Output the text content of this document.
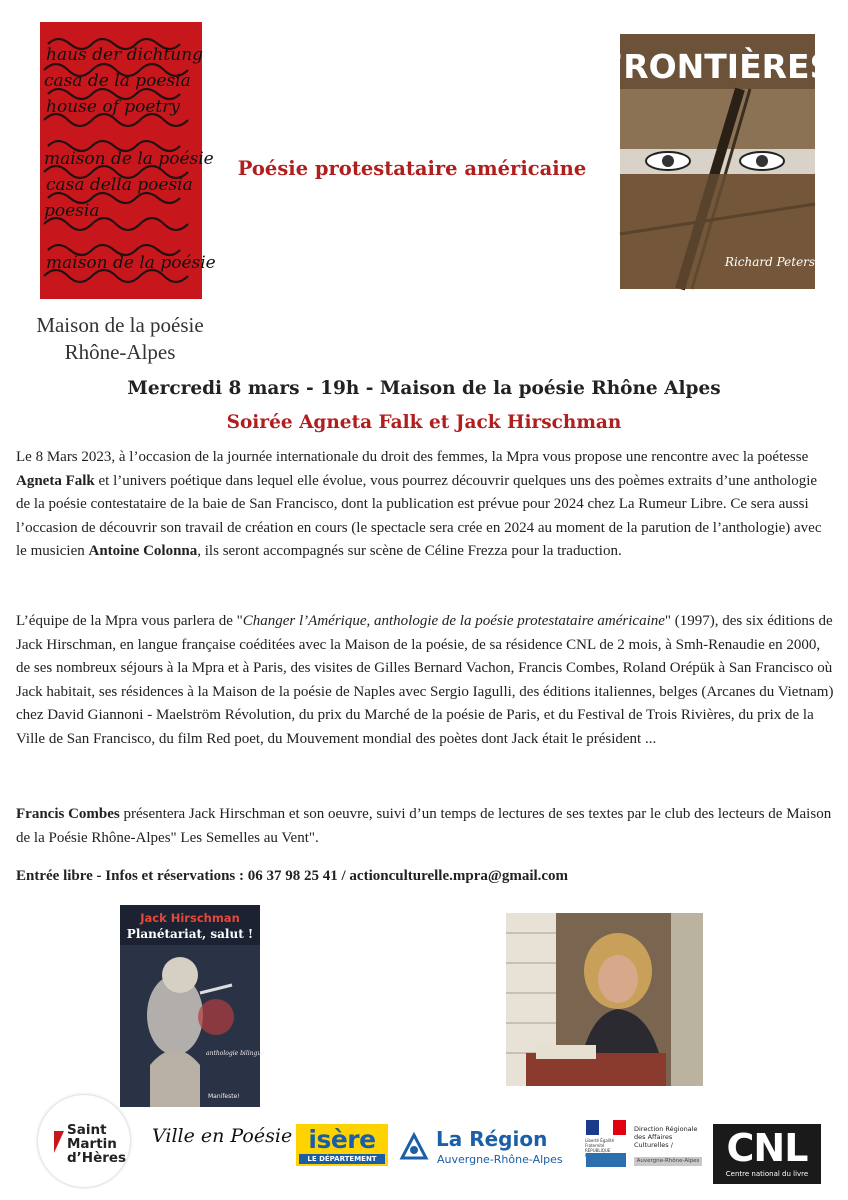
haus der dichtung
casa de la poesia
house of poetry
maison de la poésie
casa della poesia
poesia
maison de la poésie
Maison de la poésie
Rhône-Alpes
Poésie protestataire américaine
FRONTIÈRES
Richard Peters
Mercredi 8 mars - 19h - Maison de la poésie Rhône Alpes
Soirée Agneta Falk et Jack Hirschman

Le 8 Mars 2023, à l’occasion de la journée internationale du droit des femmes, la Mpra vous propose une rencontre avec la poétesse Agneta Falk et l’univers poétique dans lequel elle évolue, vous pourrez découvrir quelques uns des poèmes extraits d’une anthologie de la poésie contestataire de la baie de San Francisco, dont la publication est prévue pour 2024 chez La Rumeur Libre. Ce sera aussi l’occasion de découvrir son travail de création en cours (le spectacle sera crée en 2024 au moment de la parution de l’anthologie) avec le musicien Antoine Colonna, ils seront accompagnés sur scène de Céline Frezza pour la traduction.

L’équipe de la Mpra vous parlera de "Changer l’Amérique, anthologie de la poésie protestataire américaine" (1997), des six éditions de Jack Hirschman, en langue française coéditées avec la Maison de la poésie, de sa résidence CNL de 2 mois, à Smh-Renaudie en 2000, de ses nombreux séjours à la Mpra et à Paris, des visites de Gilles Bernard Vachon, Francis Combes, Roland Orépük à San Francisco où Jack habitait, ses résidences à la Maison de la poésie de Naples avec Sergio Iagulli, des éditions italiennes, belges (Arcanes du Vietnam) chez David Giannoni - Maelström Révolution, du prix du Marché de la poésie de Paris, et du Festival de Trois Rivières, du prix de la Ville de San Francisco, du film Red poet, du Mouvement mondial des poètes dont Jack était le président ...

Francis Combes présentera Jack Hirschman et son oeuvre, suivi d’un temps de lectures de ses textes par le club des lecteurs de Maison de la Poésie Rhône-Alpes" Les Semelles au Vent".

Entrée libre - Infos et réservations : 06 37 98 25 41 / actionculturelle.mpra@gmail.com
anthologie bilingue
Manifeste!
Jack Hirschman
Planétariat, salut !
Saint
Martin
d’Hères
Ville en Poésie isère
LE DÉPARTEMENT
La Région
Auvergne-Rhône-Alpes
Liberté Égalité Fraternité RÉPUBLIQUE
Direction Régionale des Affaires Culturelles /
Auvergne-Rhône-Alpes CNL
Centre national du livre
